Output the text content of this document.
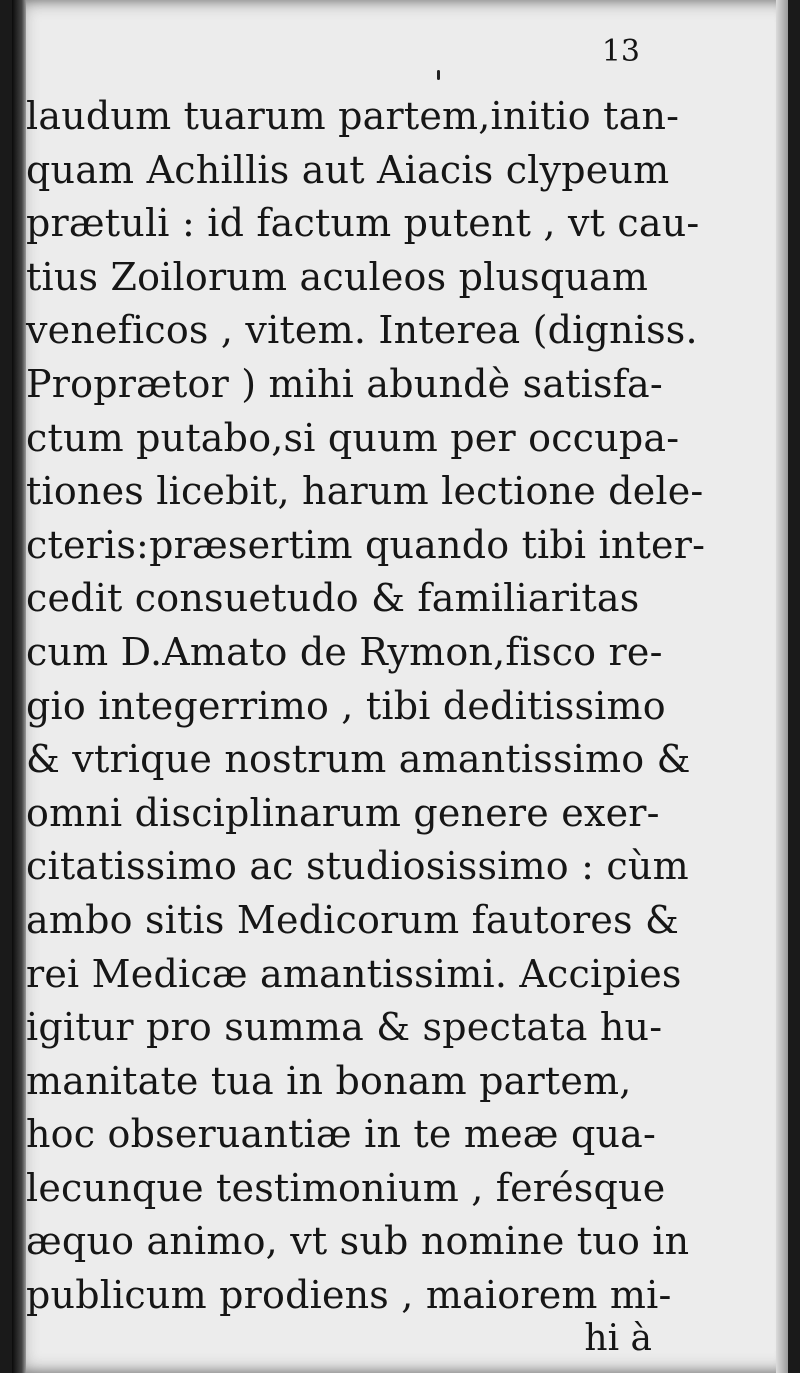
13
laudum tuarum partem,initio tan-
quam Achillis aut Aiacis clypeum
prætuli : id factum putent , vt cau-
tius Zoilorum aculeos plusquam
veneficos , vitem. Interea (digniss.
Proprætor ) mihi abundè satisfa-
ctum putabo,si quum per occupa-
tiones licebit, harum lectione dele-
cteris:præsertim quando tibi inter-
cedit consuetudo & familiaritas
cum D.Amato de Rymon,fisco re-
gio integerrimo , tibi deditissimo
& vtrique nostrum amantissimo &
omni disciplinarum genere exer-
citatissimo ac studiosissimo : cùm
ambo sitis Medicorum fautores &
rei Medicæ amantissimi. Accipies
igitur pro summa & spectata hu-
manitate tua in bonam partem,
hoc obseruantiæ in te meæ qua-
lecunque testimonium , ferésque
æquo animo, vt sub nomine tuo in
publicum prodiens , maiorem mi-
hi à
